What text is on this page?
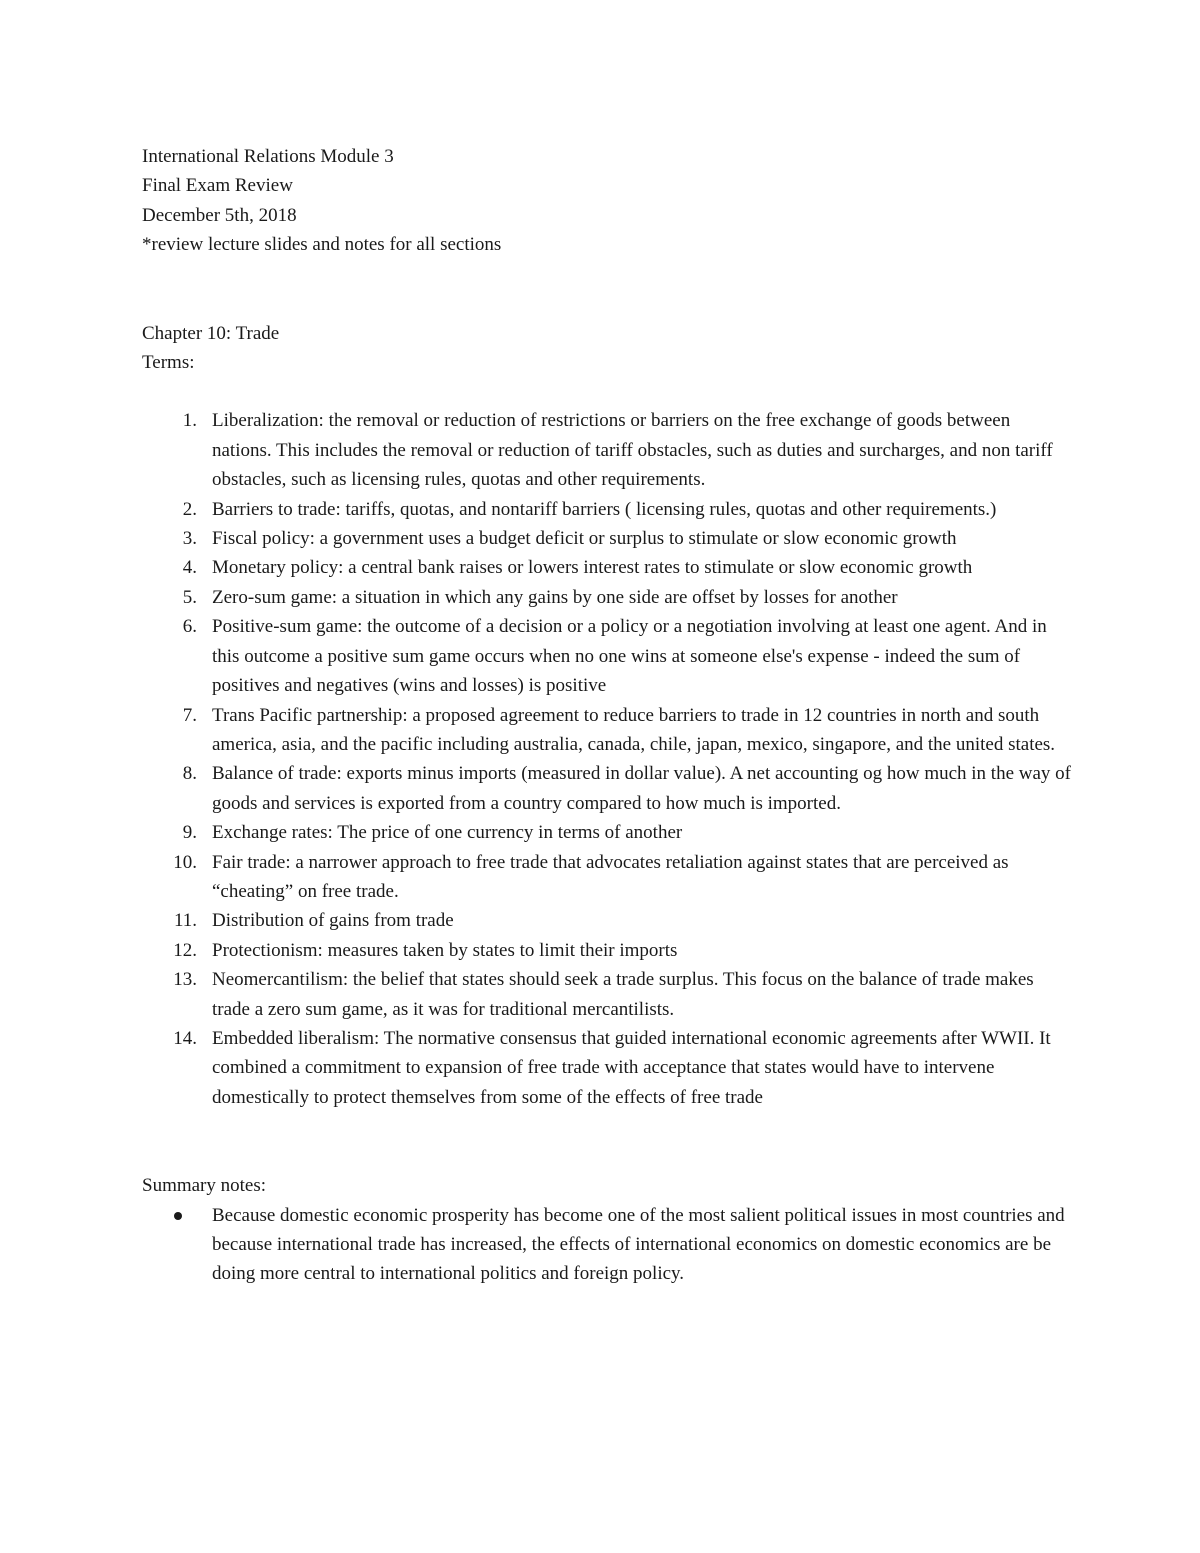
International Relations Module 3

Final Exam Review

December 5th, 2018

*review lecture slides and notes for all sections

Chapter 10: Trade

Terms:

1. Liberalization: the removal or reduction of restrictions or barriers on the free exchange of goods between nations. This includes the removal or reduction of tariff obstacles, such as duties and surcharges, and non tariff obstacles, such as licensing rules, quotas and other requirements.
2. Barriers to trade: tariffs, quotas, and nontariff barriers ( licensing rules, quotas and other requirements.)
3. Fiscal policy: a government uses a budget deficit or surplus to stimulate or slow economic growth
4. Monetary policy: a central bank raises or lowers interest rates to stimulate or slow economic growth
5. Zero-sum game: a situation in which any gains by one side are offset by losses for another
6. Positive-sum game: the outcome of a decision or a policy or a negotiation involving at least one agent. And in this outcome a positive sum game occurs when no one wins at someone else's expense - indeed the sum of positives and negatives (wins and losses) is positive
7. Trans Pacific partnership: a proposed agreement to reduce barriers to trade in 12 countries in north and south america, asia, and the pacific including australia, canada, chile, japan, mexico, singapore, and the united states.
8. Balance of trade: exports minus imports (measured in dollar value). A net accounting og how much in the way of goods and services is exported from a country compared to how much is imported.
9. Exchange rates: The price of one currency in terms of another
10. Fair trade: a narrower approach to free trade that advocates retaliation against states that are perceived as “cheating” on free trade.
11. Distribution of gains from trade
12. Protectionism: measures taken by states to limit their imports
13. Neomercantilism: the belief that states should seek a trade surplus. This focus on the balance of trade makes trade a zero sum game, as it was for traditional mercantilists.
14. Embedded liberalism: The normative consensus that guided international economic agreements after WWII. It combined a commitment to expansion of free trade with acceptance that states would have to intervene domestically to protect themselves from some of the effects of free trade

Summary notes:

Because domestic economic prosperity has become one of the most salient political issues in most countries and because international trade has increased, the effects of international economics on domestic economics are be doing more central to international politics and foreign policy.
